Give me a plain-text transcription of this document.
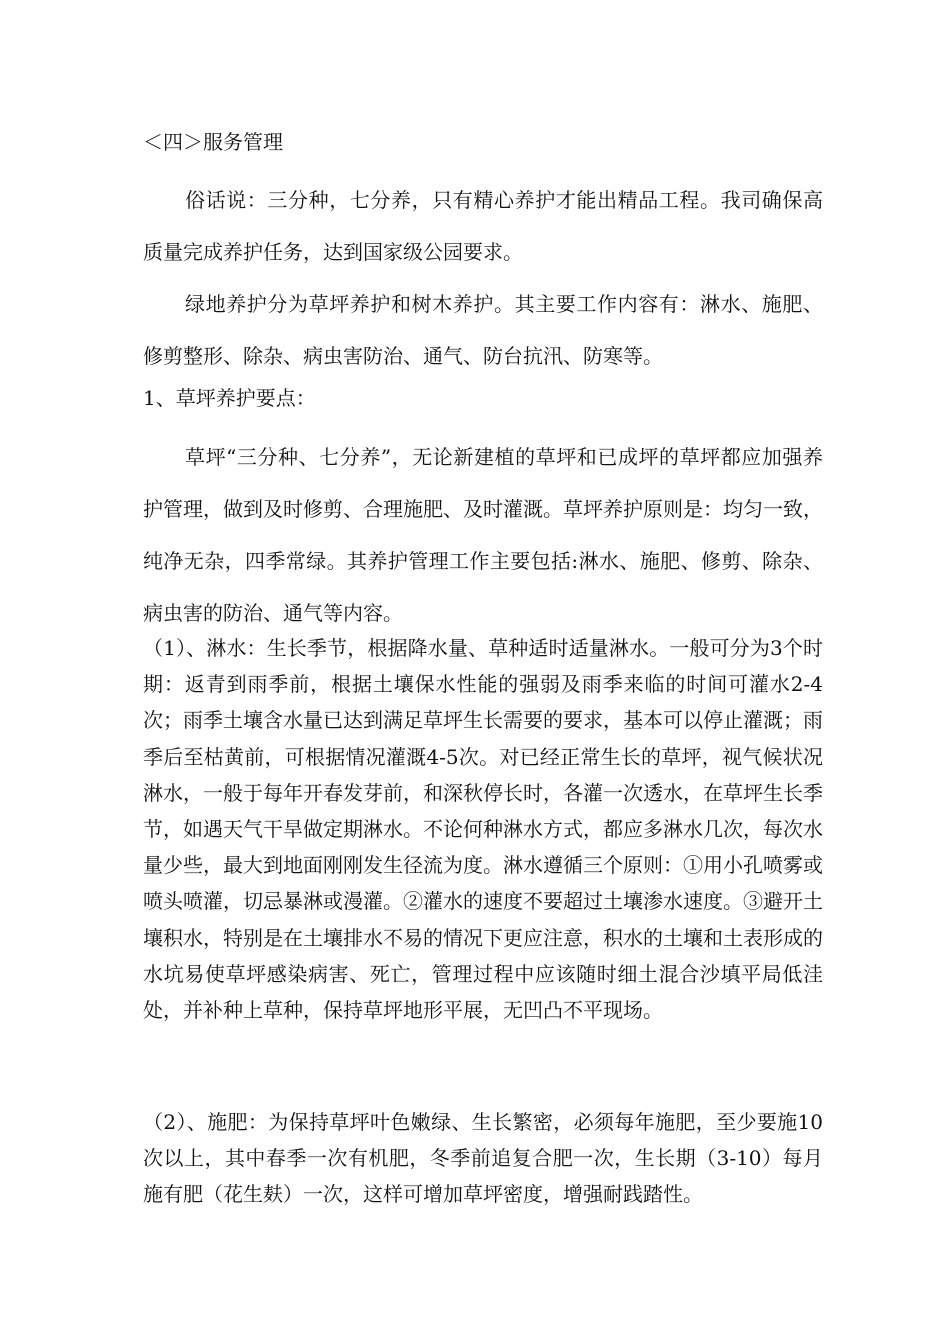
＜四＞服务管理

俗话说：三分种，七分养，只有精心养护才能出精品工程。我司确保高质量完成养护任务，达到国家级公园要求。

绿地养护分为草坪养护和树木养护。其主要工作内容有：淋水、施肥、修剪整形、除杂、病虫害防治、通气、防台抗汛、防寒等。

1、草坪养护要点：

草坪“三分种、七分养”，无论新建植的草坪和已成坪的草坪都应加强养护管理，做到及时修剪、合理施肥、及时灌溉。草坪养护原则是：均匀一致，纯净无杂，四季常绿。其养护管理工作主要包括:淋水、施肥、修剪、除杂、病虫害的防治、通气等内容。

（1）、淋水：生长季节，根据降水量、草种适时适量淋水。一般可分为3个时期：返青到雨季前，根据土壤保水性能的强弱及雨季来临的时间可灌水2-4次；雨季土壤含水量已达到满足草坪生长需要的要求，基本可以停止灌溉；雨季后至枯黄前，可根据情况灌溉4-5次。对已经正常生长的草坪，视气候状况淋水，一般于每年开春发芽前，和深秋停长时，各灌一次透水，在草坪生长季节，如遇天气干旱做定期淋水。不论何种淋水方式，都应多淋水几次，每次水量少些，最大到地面刚刚发生径流为度。淋水遵循三个原则：①用小孔喷雾或喷头喷灌，切忌暴淋或漫灌。②灌水的速度不要超过土壤渗水速度。③避开土壤积水，特别是在土壤排水不易的情况下更应注意，积水的土壤和土表形成的水坑易使草坪感染病害、死亡，管理过程中应该随时细土混合沙填平局低洼处，并补种上草种，保持草坪地形平展，无凹凸不平现场。

（2）、施肥：为保持草坪叶色嫩绿、生长繁密，必须每年施肥，至少要施10次以上，其中春季一次有机肥，冬季前追复合肥一次，生长期（3-10）每月施有肥（花生麸）一次，这样可增加草坪密度，增强耐践踏性。
